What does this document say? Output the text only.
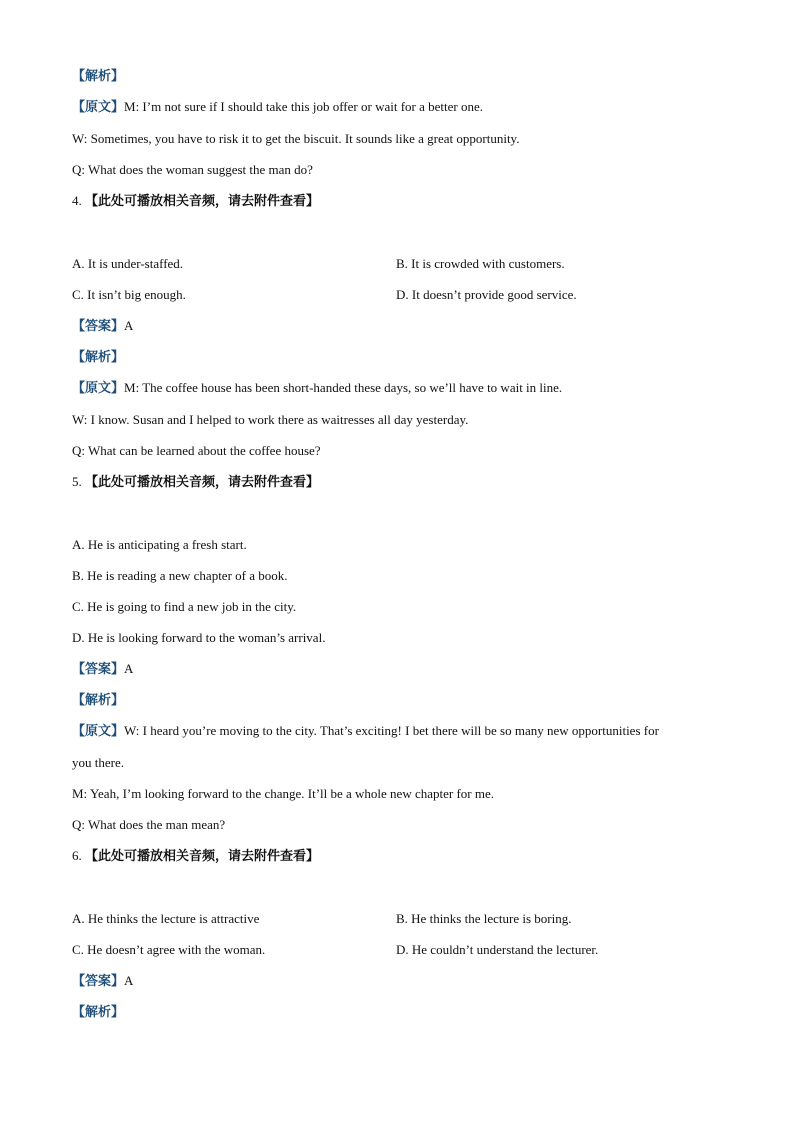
【解析】
【原文】M: I’m not sure if I should take this job offer or wait for a better one.
W: Sometimes, you have to risk it to get the biscuit. It sounds like a great opportunity.
Q: What does the woman suggest the man do?
4. 【此处可播放相关音频，请去附件查看】
A. It is under-staffed.	B. It is crowded with customers.
C. It isn’t big enough.	D. It doesn’t provide good service.
【答案】A
【解析】
【原文】M: The coffee house has been short-handed these days, so we’ll have to wait in line.
W: I know. Susan and I helped to work there as waitresses all day yesterday.
Q: What can be learned about the coffee house?
5. 【此处可播放相关音频，请去附件查看】
A. He is anticipating a fresh start.
B. He is reading a new chapter of a book.
C. He is going to find a new job in the city.
D. He is looking forward to the woman’s arrival.
【答案】A
【解析】
【原文】W: I heard you’re moving to the city. That’s exciting! I bet there will be so many new opportunities for
you there.
M: Yeah, I’m looking forward to the change. It’ll be a whole new chapter for me.
Q: What does the man mean?
6. 【此处可播放相关音频，请去附件查看】
A. He thinks the lecture is attractive	B. He thinks the lecture is boring.
C. He doesn’t agree with the woman.	D. He couldn’t understand the lecturer.
【答案】A
【解析】
